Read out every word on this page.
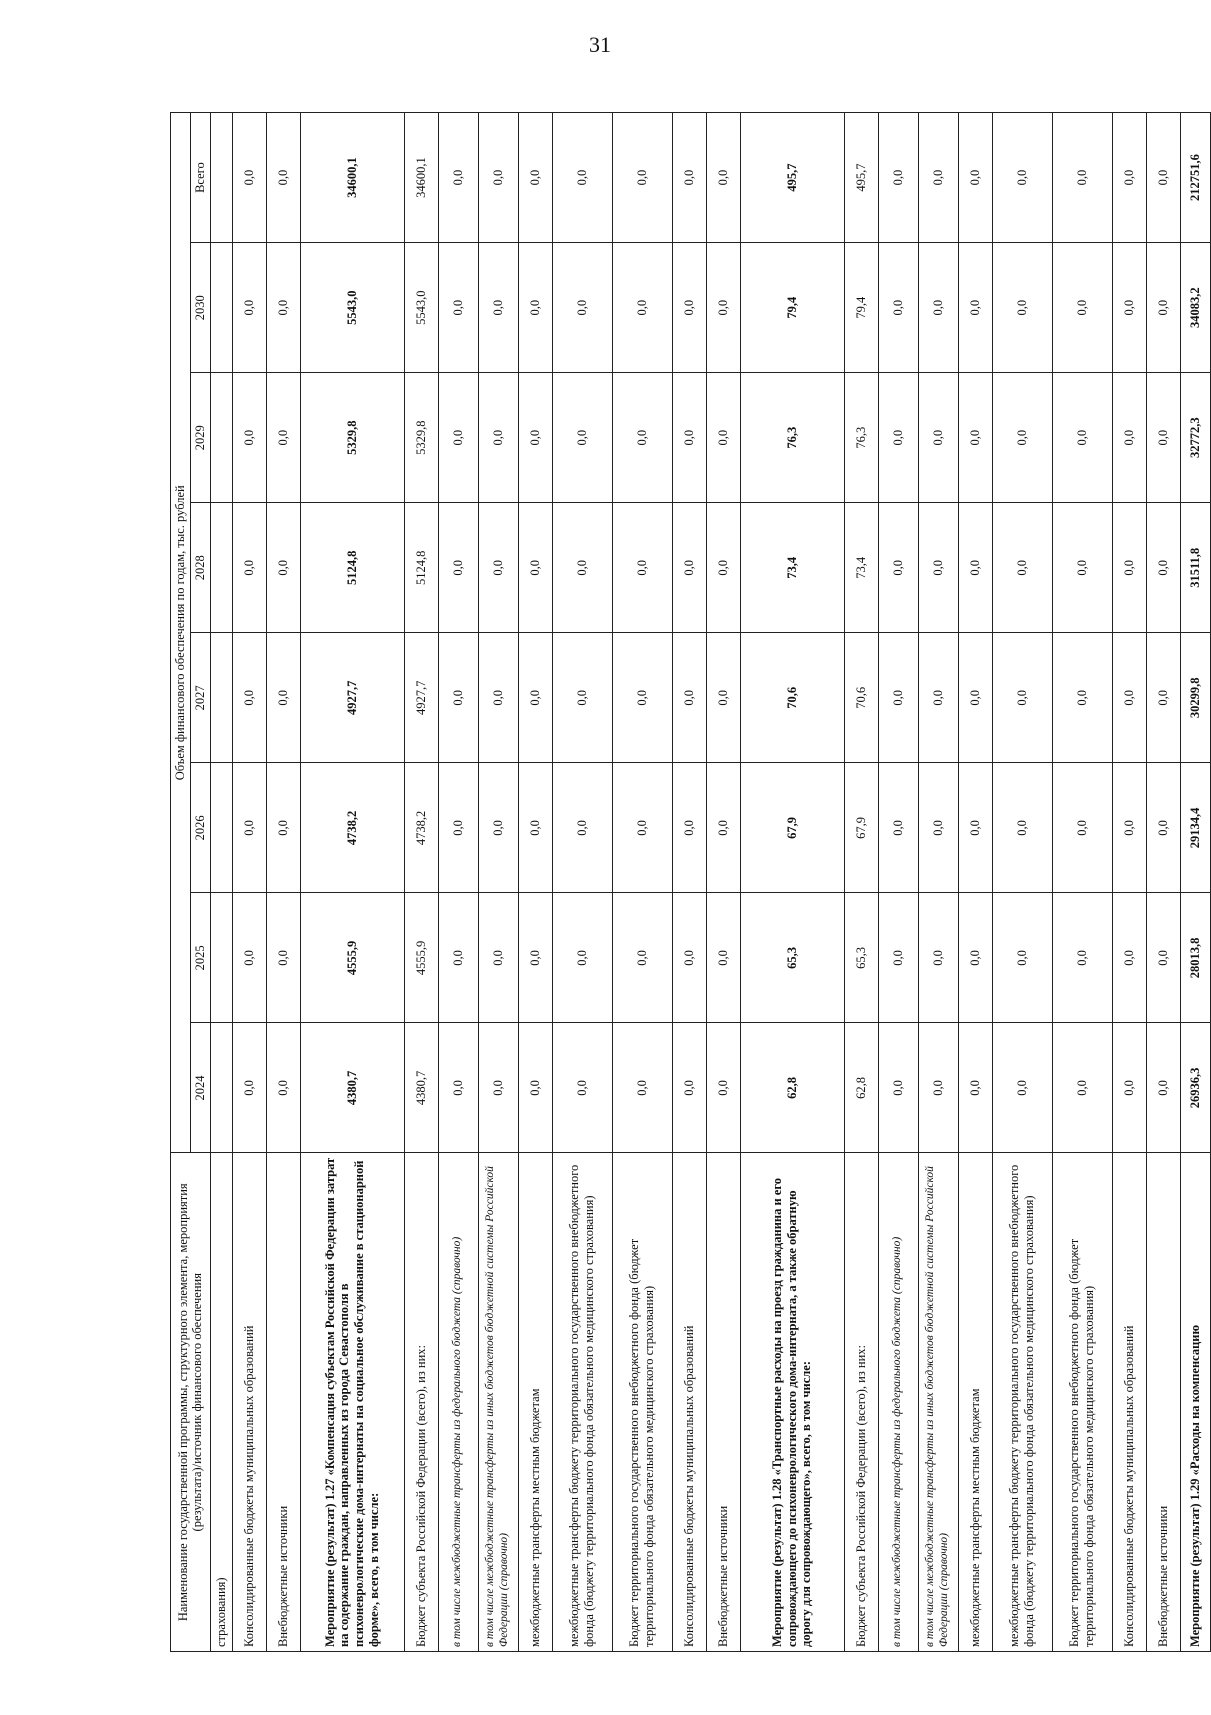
31
Наименование государственной программы, структурного элемента, мероприятия (результата)/источник финансового обеспечения	Объем финансового обеспечения по годам, тыс. рублей							
	2024	2025	2026	2027	2028	2029	2030	Всего
страхования)								
Консолидированные бюджеты муниципальных образований	0,0	0,0	0,0	0,0	0,0	0,0	0,0	0,0
Внебюджетные источники	0,0	0,0	0,0	0,0	0,0	0,0	0,0	0,0
Мероприятие (результат) 1.27 «Компенсация субъектам Российской Федерации затрат на содержание граждан, направленных из города Севастополя в психоневрологические дома-интернаты на социальное обслуживание в стационарной форме», всего, в том числе:	4380,7	4555,9	4738,2	4927,7	5124,8	5329,8	5543,0	34600,1
Бюджет субъекта Российской Федерации (всего), из них:	4380,7	4555,9	4738,2	4927,7	5124,8	5329,8	5543,0	34600,1
в том числе межбюджетные трансферты из федерального бюджета (справочно)	0,0	0,0	0,0	0,0	0,0	0,0	0,0	0,0
в том числе межбюджетные трансферты из иных бюджетов бюджетной системы Российской Федерации (справочно)	0,0	0,0	0,0	0,0	0,0	0,0	0,0	0,0
межбюджетные трансферты местным бюджетам	0,0	0,0	0,0	0,0	0,0	0,0	0,0	0,0
межбюджетные трансферты бюджету территориального государственного внебюджетного фонда (бюджету территориального фонда обязательного медицинского страхования)	0,0	0,0	0,0	0,0	0,0	0,0	0,0	0,0
Бюджет территориального государственного внебюджетного фонда (бюджет территориального фонда обязательного медицинского страхования)	0,0	0,0	0,0	0,0	0,0	0,0	0,0	0,0
Консолидированные бюджеты муниципальных образований	0,0	0,0	0,0	0,0	0,0	0,0	0,0	0,0
Внебюджетные источники	0,0	0,0	0,0	0,0	0,0	0,0	0,0	0,0
Мероприятие (результат) 1.28 «Транспортные расходы на проезд гражданина и его сопровождающего до психоневрологического дома-интерната, а также обратную дорогу для сопровождающего», всего, в том числе:	62,8	65,3	67,9	70,6	73,4	76,3	79,4	495,7
Бюджет субъекта Российской Федерации (всего), из них:	62,8	65,3	67,9	70,6	73,4	76,3	79,4	495,7
в том числе межбюджетные трансферты из федерального бюджета (справочно)	0,0	0,0	0,0	0,0	0,0	0,0	0,0	0,0
в том числе межбюджетные трансферты из иных бюджетов бюджетной системы Российской Федерации (справочно)	0,0	0,0	0,0	0,0	0,0	0,0	0,0	0,0
межбюджетные трансферты местным бюджетам	0,0	0,0	0,0	0,0	0,0	0,0	0,0	0,0
межбюджетные трансферты бюджету территориального государственного внебюджетного фонда (бюджету территориального фонда обязательного медицинского страхования)	0,0	0,0	0,0	0,0	0,0	0,0	0,0	0,0
Бюджет территориального государственного внебюджетного фонда (бюджет территориального фонда обязательного медицинского страхования)	0,0	0,0	0,0	0,0	0,0	0,0	0,0	0,0
Консолидированные бюджеты муниципальных образований	0,0	0,0	0,0	0,0	0,0	0,0	0,0	0,0
Внебюджетные источники	0,0	0,0	0,0	0,0	0,0	0,0	0,0	0,0
Мероприятие (результат) 1.29 «Расходы на компенсацию	26936,3	28013,8	29134,4	30299,8	31511,8	32772,3	34083,2	212751,6
